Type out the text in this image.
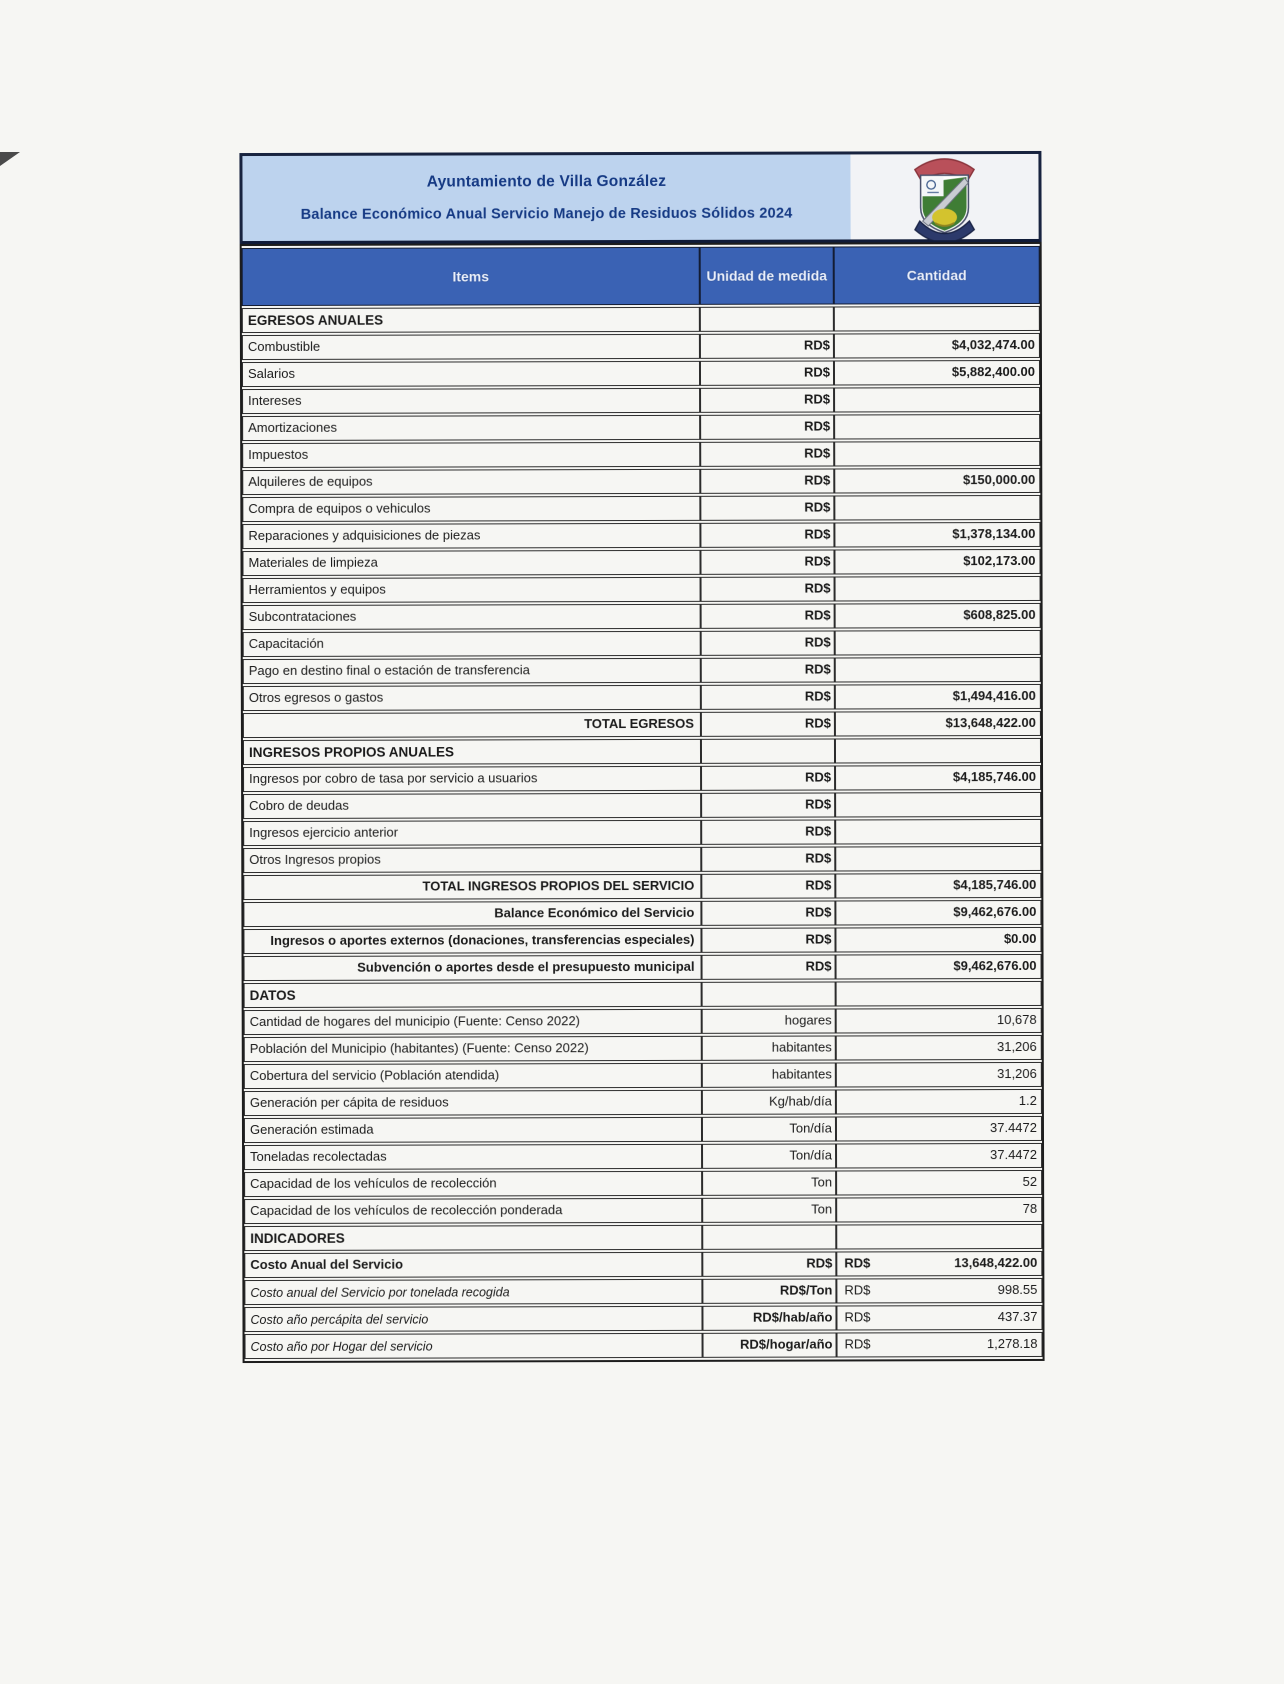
Ayuntamiento de Villa González
Balance Económico Anual Servicio Manejo de Residuos Sólidos 2024
Items	Unidad de medida	Cantidad
EGRESOS ANUALES		
Combustible	RD$	$4,032,474.00
Salarios	RD$	$5,882,400.00
Intereses	RD$	
Amortizaciones	RD$	
Impuestos	RD$	
Alquileres de equipos	RD$	$150,000.00
Compra de equipos o vehiculos	RD$	
Reparaciones y adquisiciones de piezas	RD$	$1,378,134.00
Materiales de limpieza	RD$	$102,173.00
Herramientos y equipos	RD$	
Subcontrataciones	RD$	$608,825.00
Capacitación	RD$	
Pago en destino final o estación de transferencia	RD$	
Otros egresos o gastos	RD$	$1,494,416.00
TOTAL EGRESOS	RD$	$13,648,422.00
INGRESOS PROPIOS ANUALES		
Ingresos por cobro de tasa por servicio a usuarios	RD$	$4,185,746.00
Cobro de deudas	RD$	
Ingresos ejercicio anterior	RD$	
Otros Ingresos propios	RD$	
TOTAL INGRESOS PROPIOS DEL SERVICIO	RD$	$4,185,746.00
Balance Económico del Servicio	RD$	$9,462,676.00
Ingresos o aportes externos (donaciones, transferencias especiales)	RD$	$0.00
Subvención o aportes desde el presupuesto municipal	RD$	$9,462,676.00
DATOS		
Cantidad de hogares del municipio (Fuente: Censo 2022)	hogares	10,678
Población del Municipio (habitantes) (Fuente: Censo 2022)	habitantes	31,206
Cobertura del servicio (Población atendida)	habitantes	31,206
Generación per cápita de residuos	Kg/hab/día	1.2
Generación estimada	Ton/día	37.4472
Toneladas recolectadas	Ton/día	37.4472
Capacidad de los vehículos de recolección	Ton	52
Capacidad de los vehículos de recolección ponderada	Ton	78
INDICADORES		
Costo Anual del Servicio	RD$	RD$	13,648,422.00

Costo anual del Servicio por tonelada recogida	RD$/Ton	RD$	998.55

Costo año percápita del servicio	RD$/hab/año	RD$	437.37

Costo año por Hogar del servicio	RD$/hogar/año	RD$	1,278.18
